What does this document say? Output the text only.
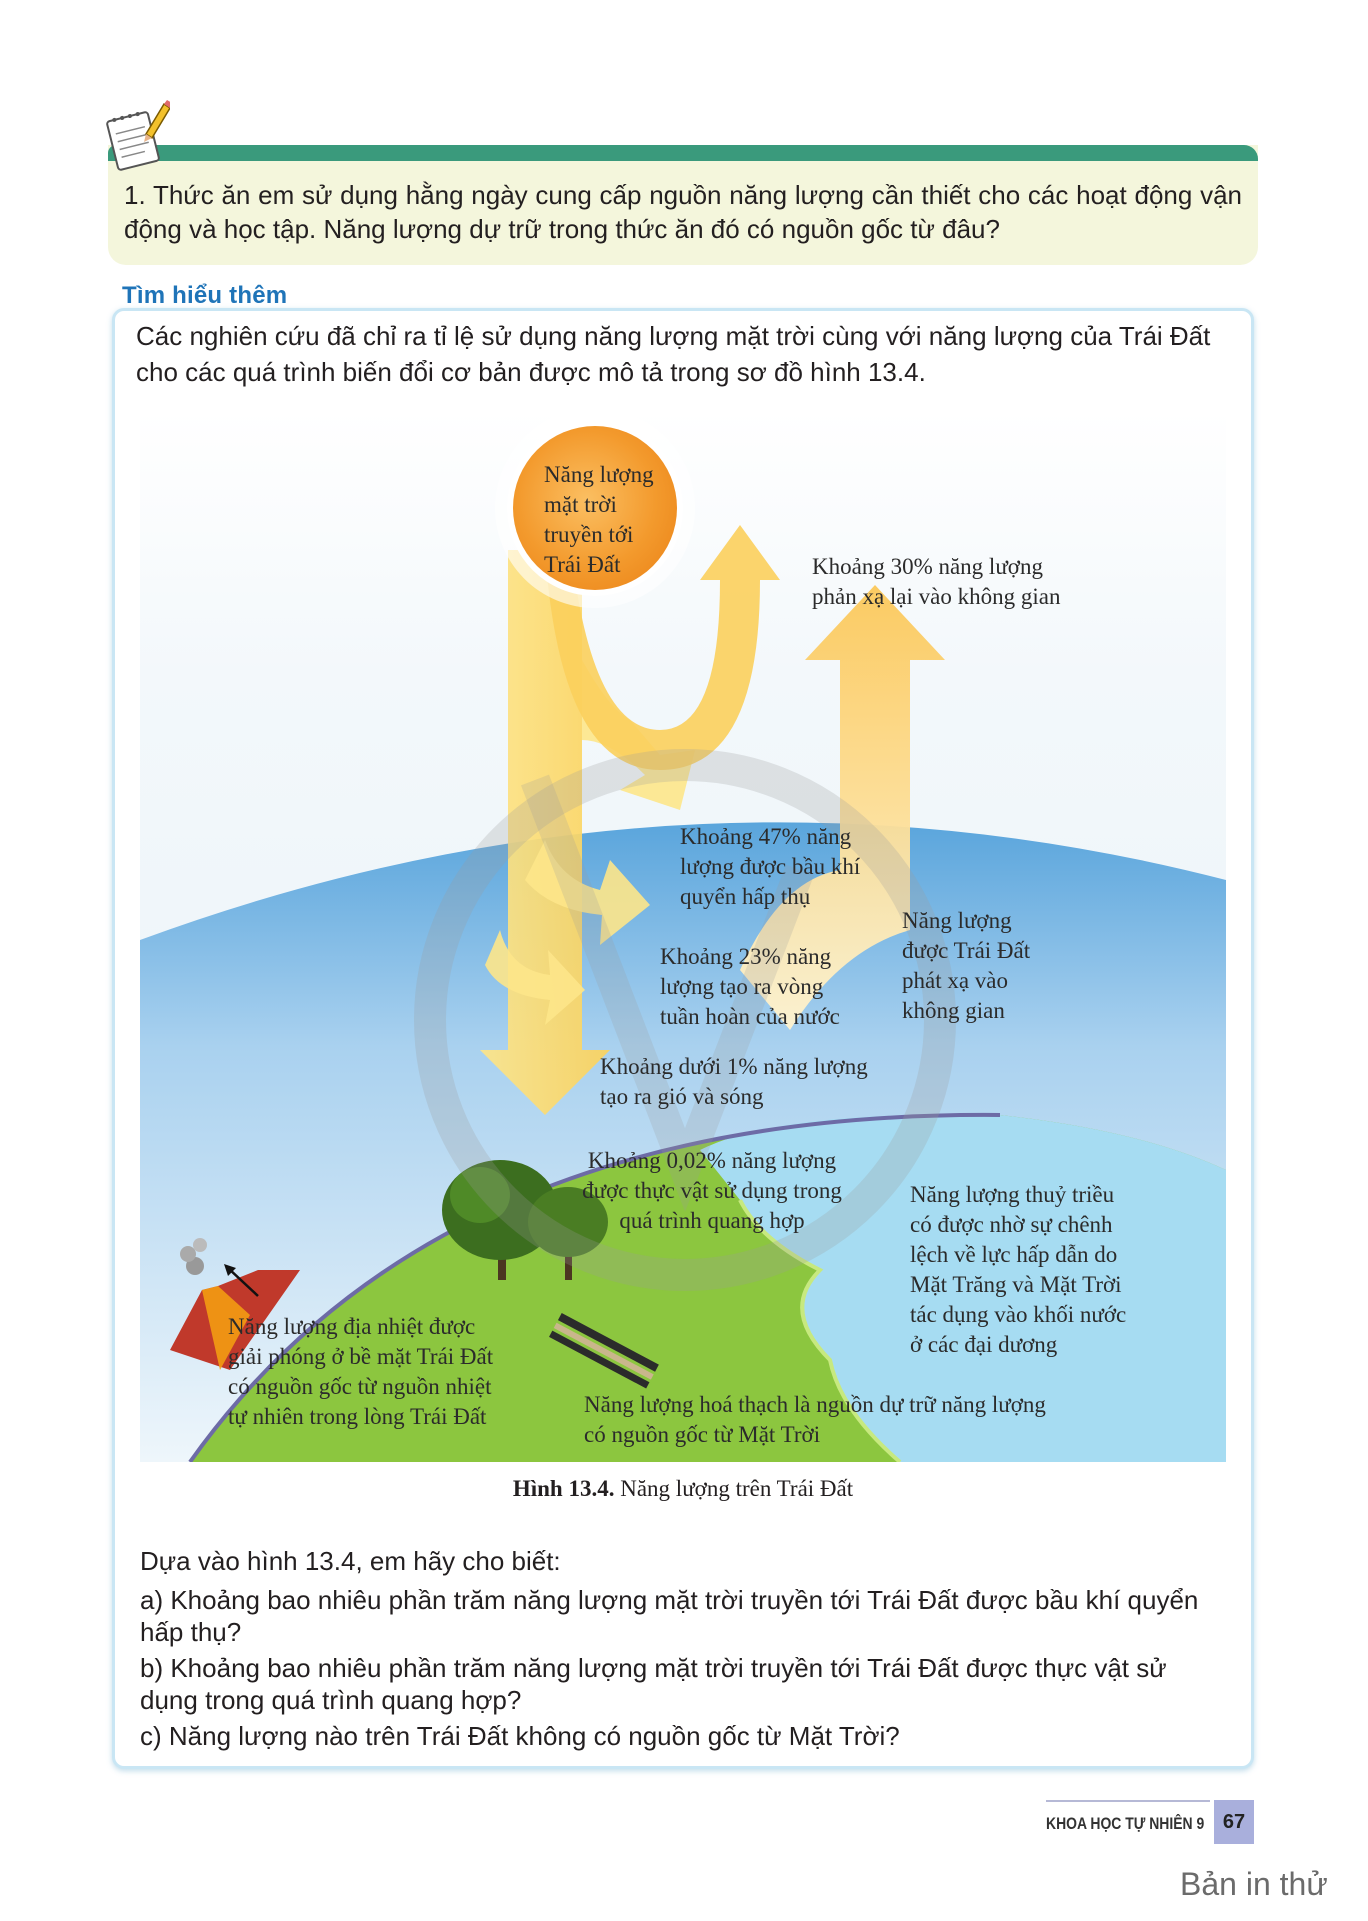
1. Thức ăn em sử dụng hằng ngày cung cấp nguồn năng lượng cần thiết cho các hoạt động vận động và học tập. Năng lượng dự trữ trong thức ăn đó có nguồn gốc từ đâu?
Tìm hiểu thêm
Các nghiên cứu đã chỉ ra tỉ lệ sử dụng năng lượng mặt trời cùng với năng lượng của Trái Đất cho các quá trình biến đổi cơ bản được mô tả trong sơ đồ hình 13.4.
Năng lượng
mặt trời
truyền tới
Trái Đất	Khoảng 30% năng lượng
phản xạ lại vào không gian
Khoảng 47% năng
lượng được bầu khí
quyển hấp thụ
Khoảng 23% năng
lượng tạo ra vòng
tuần hoàn của nước
Năng lượng
được Trái Đất
phát xạ vào
không gian
Khoảng dưới 1% năng lượng
tạo ra gió và sóng
Khoảng 0,02% năng lượng
được thực vật sử dụng trong
quá trình quang hợp
Năng lượng thuỷ triều
có được nhờ sự chênh
lệch về lực hấp dẫn do
Mặt Trăng và Mặt Trời
tác dụng vào khối nước
ở các đại dương
Năng lượng địa nhiệt được
giải phóng ở bề mặt Trái Đất
có nguồn gốc từ nguồn nhiệt
tự nhiên trong lòng Trái Đất	Năng lượng hoá thạch là nguồn dự trữ năng lượng
có nguồn gốc từ Mặt Trời
Hình 13.4. Năng lượng trên Trái Đất
Dựa vào hình 13.4, em hãy cho biết:
a) Khoảng bao nhiêu phần trăm năng lượng mặt trời truyền tới Trái Đất được bầu khí quyển hấp thụ?
b) Khoảng bao nhiêu phần trăm năng lượng mặt trời truyền tới Trái Đất được thực vật sử dụng trong quá trình quang hợp?
c) Năng lượng nào trên Trái Đất không có nguồn gốc từ Mặt Trời?
KHOA HỌC TỰ NHIÊN 9 67
Bản in thử
